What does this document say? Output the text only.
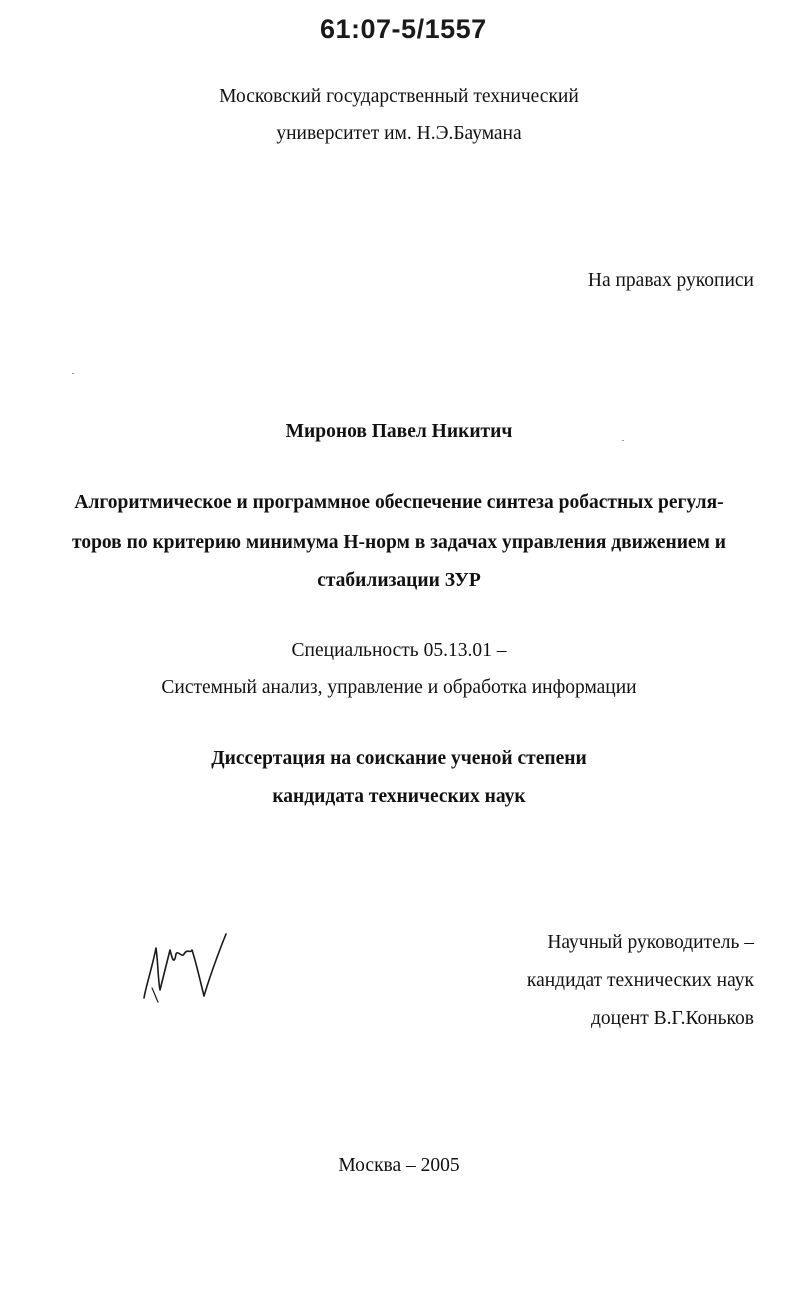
61:07-5/1557
Московский государственный технический
университет им. Н.Э.Баумана
На правах рукописи
Миронов Павел Никитич
Алгоритмическое и программное обеспечение синтеза робастных регуля-
торов по критерию минимума Н-норм в задачах управления движением и
стабилизации ЗУР
Специальность 05.13.01 –
Системный анализ, управление и обработка информации
Диссертация на соискание ученой степени
кандидата технических наук
Научный руководитель –
кандидат технических наук
доцент В.Г.Коньков
Москва – 2005
